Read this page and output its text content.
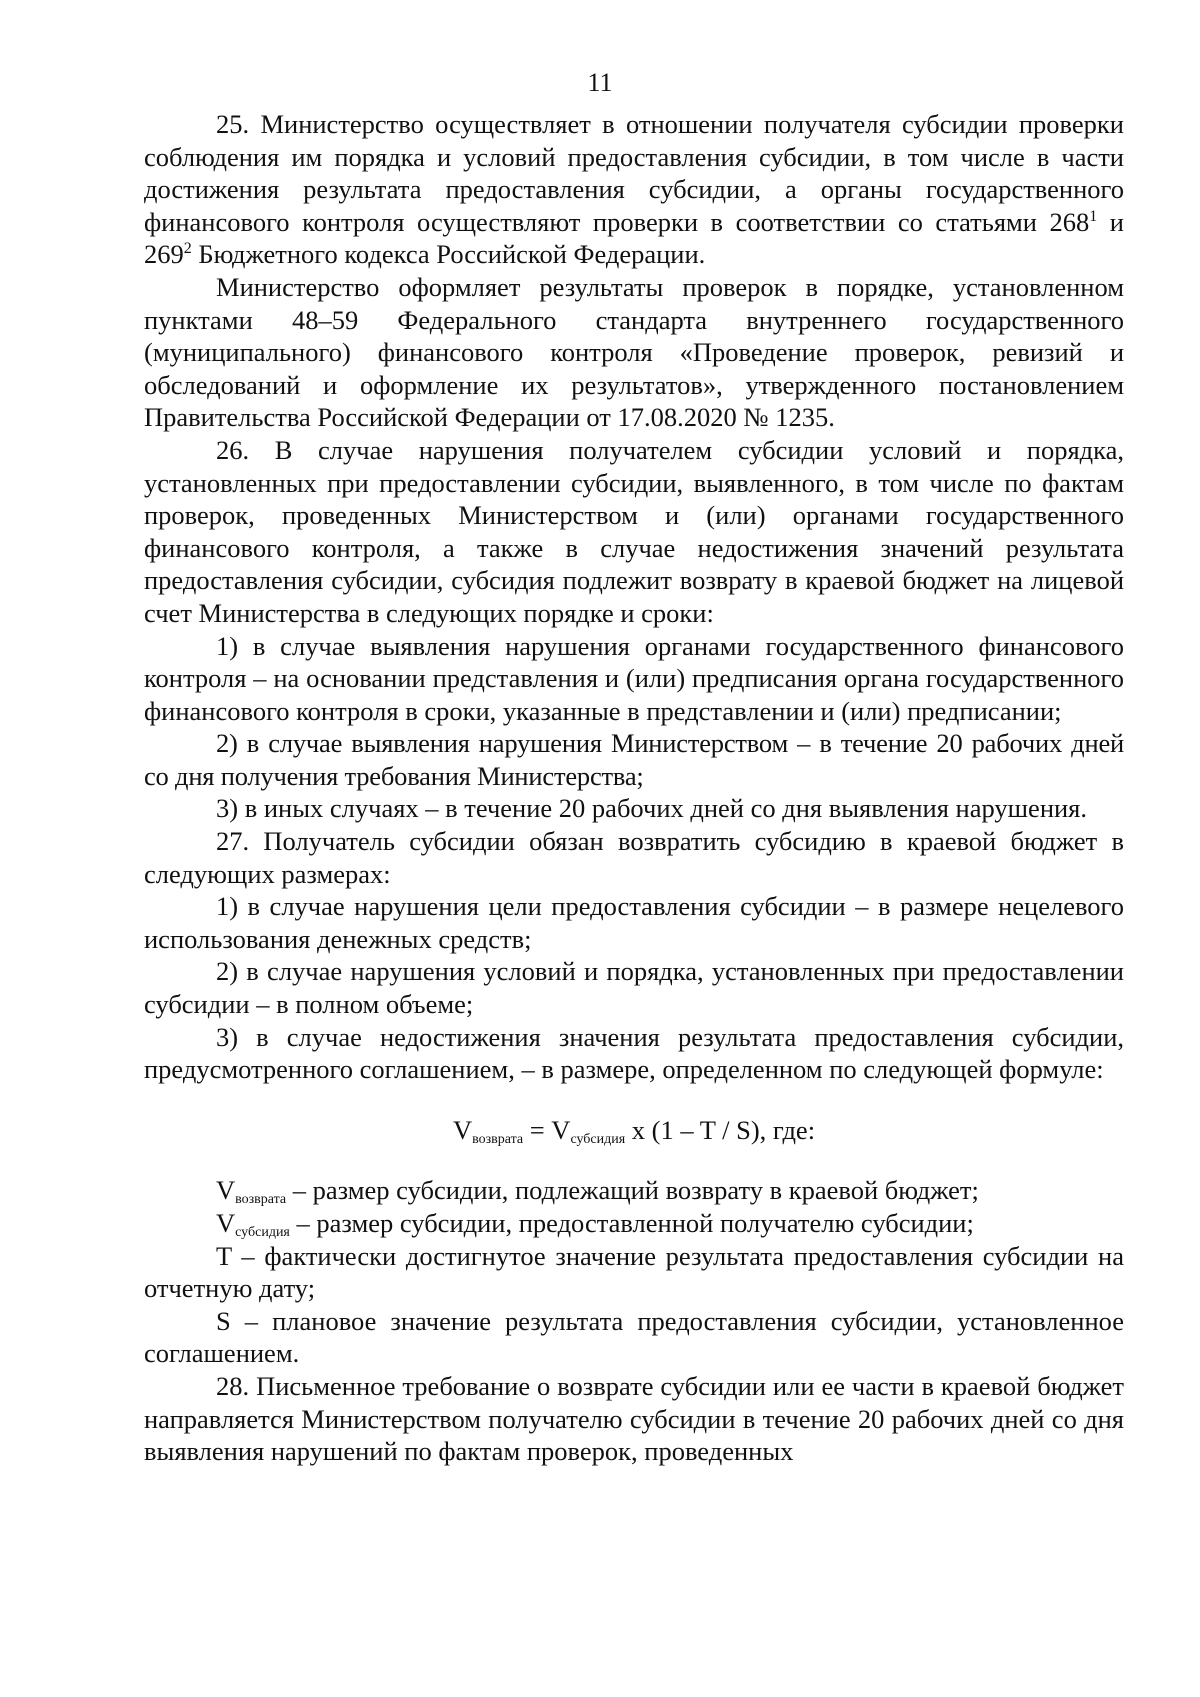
11

25. Министерство осуществляет в отношении получателя субсидии проверки соблюдения им порядка и условий предоставления субсидии, в том числе в части достижения результата предоставления субсидии, а органы государственного финансового контроля осуществляют проверки в соответствии со статьями $268^1$ и $269^2$ Бюджетного кодекса Российской Федерации.

Министерство оформляет результаты проверок в порядке, установленном пунктами 48–59 Федерального стандарта внутреннего государственного (муниципального) финансового контроля «Проведение проверок, ревизий и обследований и оформление их результатов», утвержденного постановлением Правительства Российской Федерации от 17.08.2020 № 1235.

26. В случае нарушения получателем субсидии условий и порядка, установленных при предоставлении субсидии, выявленного, в том числе по фактам проверок, проведенных Министерством и (или) органами государственного финансового контроля, а также в случае недостижения значений результата предоставления субсидии, субсидия подлежит возврату в краевой бюджет на лицевой счет Министерства в следующих порядке и сроки:

1) в случае выявления нарушения органами государственного финансового контроля – на основании представления и (или) предписания органа государственного финансового контроля в сроки, указанные в представлении и (или) предписании;

2) в случае выявления нарушения Министерством – в течение 20 рабочих дней со дня получения требования Министерства;

3) в иных случаях – в течение 20 рабочих дней со дня выявления нарушения.

27. Получатель субсидии обязан возвратить субсидию в краевой бюджет в следующих размерах:

1) в случае нарушения цели предоставления субсидии – в размере нецелевого использования денежных средств;

2) в случае нарушения условий и порядка, установленных при предоставлении субсидии – в полном объеме;

3) в случае недостижения значения результата предоставления субсидии, предусмотренного соглашением, – в размере, определенном по следующей формуле:

$V_{возврата} = V_{субсидия}$ x (1 – T / S), где:

$V_{возврата}$ – размер субсидии, подлежащий возврату в краевой бюджет;

$V_{субсидия}$ – размер субсидии, предоставленной получателю субсидии;

T – фактически достигнутое значение результата предоставления субсидии на отчетную дату;

S – плановое значение результата предоставления субсидии, установленное соглашением.

28. Письменное требование о возврате субсидии или ее части в краевой бюджет направляется Министерством получателю субсидии в течение 20 рабочих дней со дня выявления нарушений по фактам проверок, проведенных
